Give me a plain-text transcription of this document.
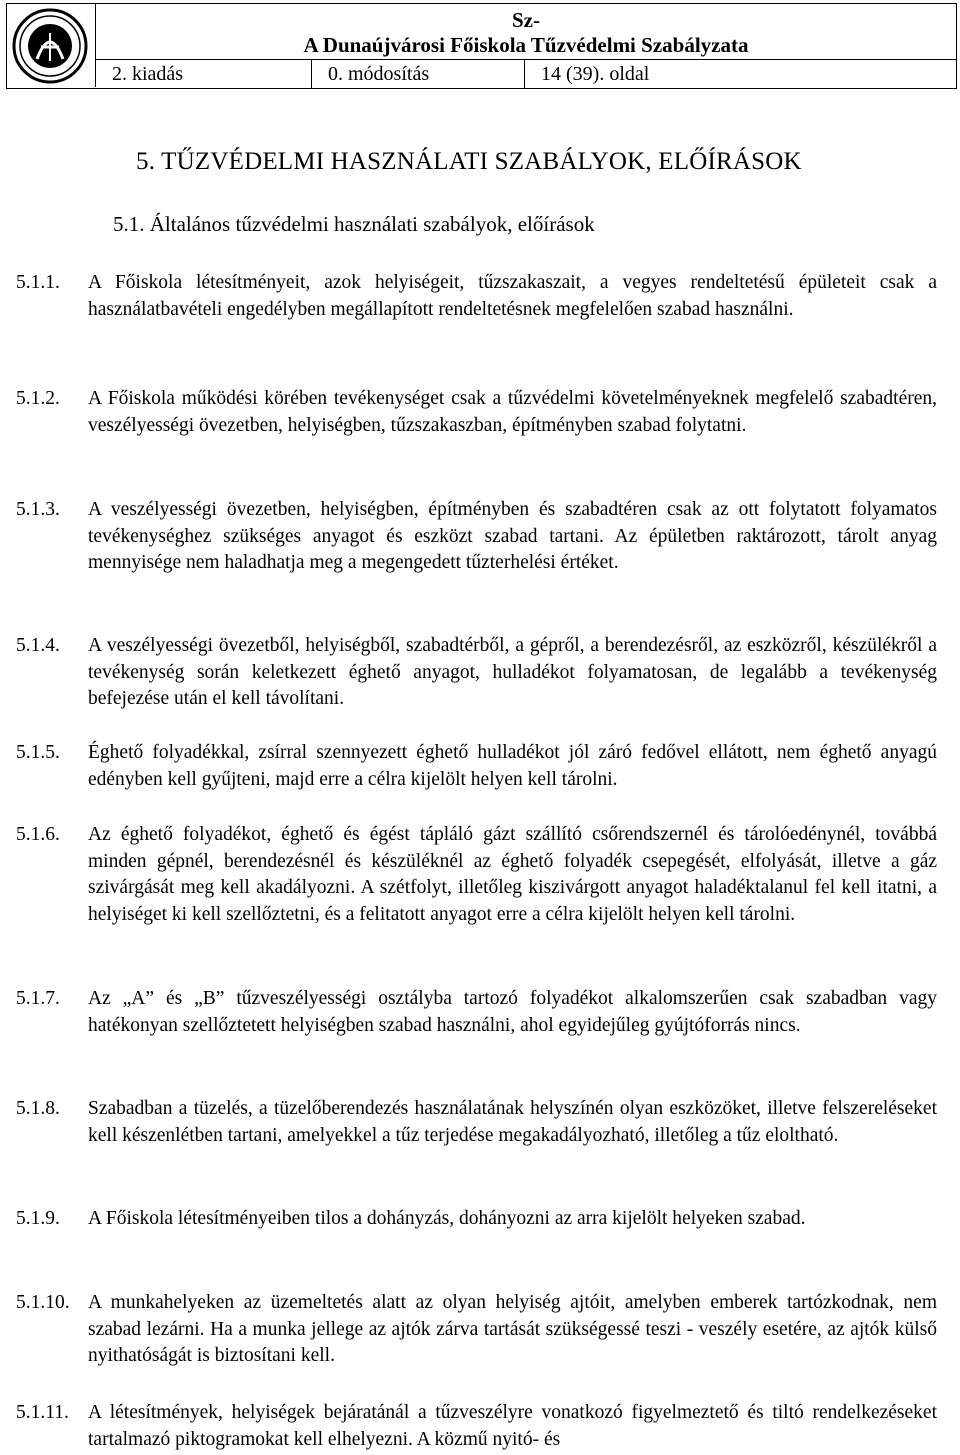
Sz-
A Dunaújvárosi Főiskola Tűzvédelmi Szabályzata
2. kiadás	0. módosítás	14 (39). oldal
5. TŰZVÉDELMI HASZNÁLATI SZABÁLYOK, ELŐÍRÁSOK
5.1. Általános tűzvédelmi használati szabályok, előírások
5.1.1. A Főiskola létesítményeit, azok helyiségeit, tűzszakaszait, a vegyes rendeltetésű épületeit csak a használatbavételi engedélyben megállapított rendeltetésnek megfelelően szabad használni.
5.1.2. A Főiskola működési körében tevékenységet csak a tűzvédelmi követelményeknek megfelelő szabadtéren, veszélyességi övezetben, helyiségben, tűzszakaszban, építményben szabad folytatni.
5.1.3. A veszélyességi övezetben, helyiségben, építményben és szabadtéren csak az ott folytatott folyamatos tevékenységhez szükséges anyagot és eszközt szabad tartani. Az épületben raktározott, tárolt anyag mennyisége nem haladhatja meg a megengedett tűzterhelési értéket.
5.1.4. A veszélyességi övezetből, helyiségből, szabadtérből, a gépről, a berendezésről, az eszközről, készülékről a tevékenység során keletkezett éghető anyagot, hulladékot folyamatosan, de legalább a tevékenység befejezése után el kell távolítani.
5.1.5. Éghető folyadékkal, zsírral szennyezett éghető hulladékot jól záró fedővel ellátott, nem éghető anyagú edényben kell gyűjteni, majd erre a célra kijelölt helyen kell tárolni.
5.1.6. Az éghető folyadékot, éghető és égést tápláló gázt szállító csőrendszernél és tárolóedénynél, továbbá minden gépnél, berendezésnél és készüléknél az éghető folyadék csepegését, elfolyását, illetve a gáz szivárgását meg kell akadályozni. A szétfolyt, illetőleg kiszivárgott anyagot haladéktalanul fel kell itatni, a helyiséget ki kell szellőztetni, és a felitatott anyagot erre a célra kijelölt helyen kell tárolni.
5.1.7. Az „A” és „B” tűzveszélyességi osztályba tartozó folyadékot alkalomszerűen csak szabadban vagy hatékonyan szellőztetett helyiségben szabad használni, ahol egyidejűleg gyújtóforrás nincs.
5.1.8. Szabadban a tüzelés, a tüzelőberendezés használatának helyszínén olyan eszközöket, illetve felszereléseket kell készenlétben tartani, amelyekkel a tűz terjedése megakadályozható, illetőleg a tűz eloltható.
5.1.9. A Főiskola létesítményeiben tilos a dohányzás, dohányozni az arra kijelölt helyeken szabad.
5.1.10. A munkahelyeken az üzemeltetés alatt az olyan helyiség ajtóit, amelyben emberek tartózkodnak, nem szabad lezárni. Ha a munka jellege az ajtók zárva tartását szükségessé teszi - veszély esetére, az ajtók külső nyithatóságát is biztosítani kell.
5.1.11. A létesítmények, helyiségek bejáratánál a tűzveszélyre vonatkozó figyelmeztető és tiltó rendelkezéseket tartalmazó piktogramokat kell elhelyezni. A közmű nyitó- és
